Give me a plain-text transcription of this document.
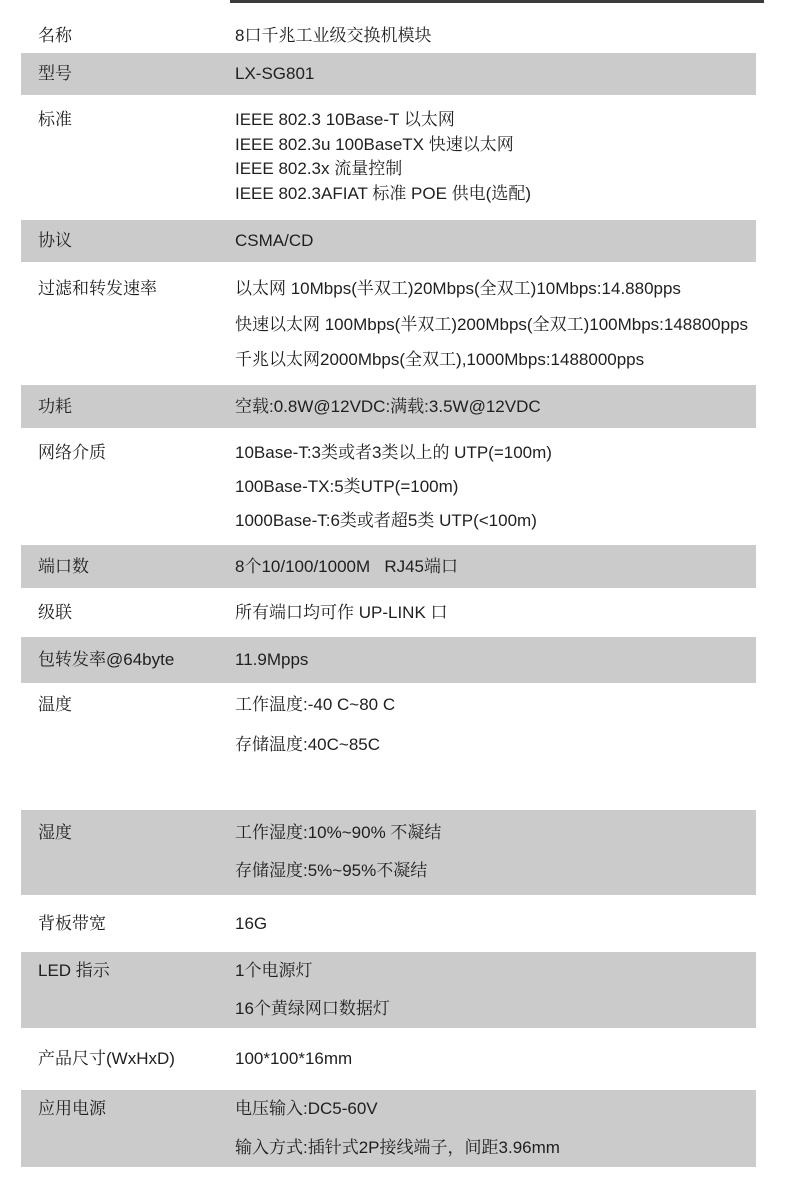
名称	8口千兆工业级交换机模块
型号	LX-SG801
标准	IEEE 802.3 10Base-T 以太网
IEEE 802.3u 100BaseTX 快速以太网
IEEE 802.3x 流量控制
IEEE 802.3AFIAT 标准 POE 供电(选配)
协议	CSMA/CD
过滤和转发速率	以太网 10Mbps(半双工)20Mbps(全双工)10Mbps:14.880pps
快速以太网 100Mbps(半双工)200Mbps(全双工)100Mbps:148800pps
千兆以太网2000Mbps(全双工),1000Mbps:1488000pps
功耗	空载:0.8W@12VDC:满载:3.5W@12VDC
网络介质	10Base-T:3类或者3类以上的 UTP(=100m)
100Base-TX:5类UTP(=100m)
1000Base-T:6类或者超5类 UTP(<100m)
端口数	8个10/100/1000M   RJ45端口
级联	所有端口均可作 UP-LINK 口
包转发率@64byte	11.9Mpps
温度	工作温度:-40 C~80 C
存储温度:40C~85C
湿度	工作湿度:10%~90% 不凝结
存储湿度:5%~95%不凝结
背板带宽	16G
LED 指示	1个电源灯
16个黄绿网口数据灯
产品尺寸(WxHxD)	100*100*16mm
应用电源	电压输入:DC5-60V
输入方式:插针式2P接线端子，间距3.96mm
